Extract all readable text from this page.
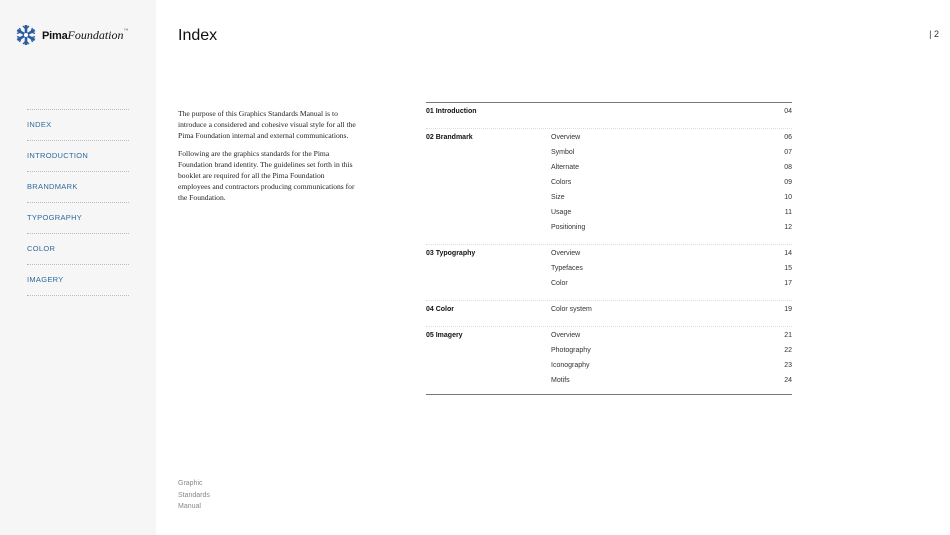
PimaFoundation™
INDEX
INTRODUCTION
BRANDMARK
TYPOGRAPHY
COLOR
IMAGERY
Index	| 2

The purpose of this Graphics Standards Manual is to introduce a considered and cohesive visual style for all the Pima Foundation internal and external communications.

Following are the graphics standards for the Pima Foundation brand identity. The guidelines set forth in this booklet are required for all the Pima Foundation employees and contractors producing communications for the Foundation.

01 Introduction	04
02 Brandmark	Overview	06
Symbol	07
Alternate	08
Colors	09
Size	10
Usage	11
Positioning	12
03 Typography	Overview	14
Typefaces	15
Color	17
04 Color	Color system	19
05 Imagery	Overview	21
Photography	22
Iconography	23
Motifs	24
Graphic
Standards
Manual
